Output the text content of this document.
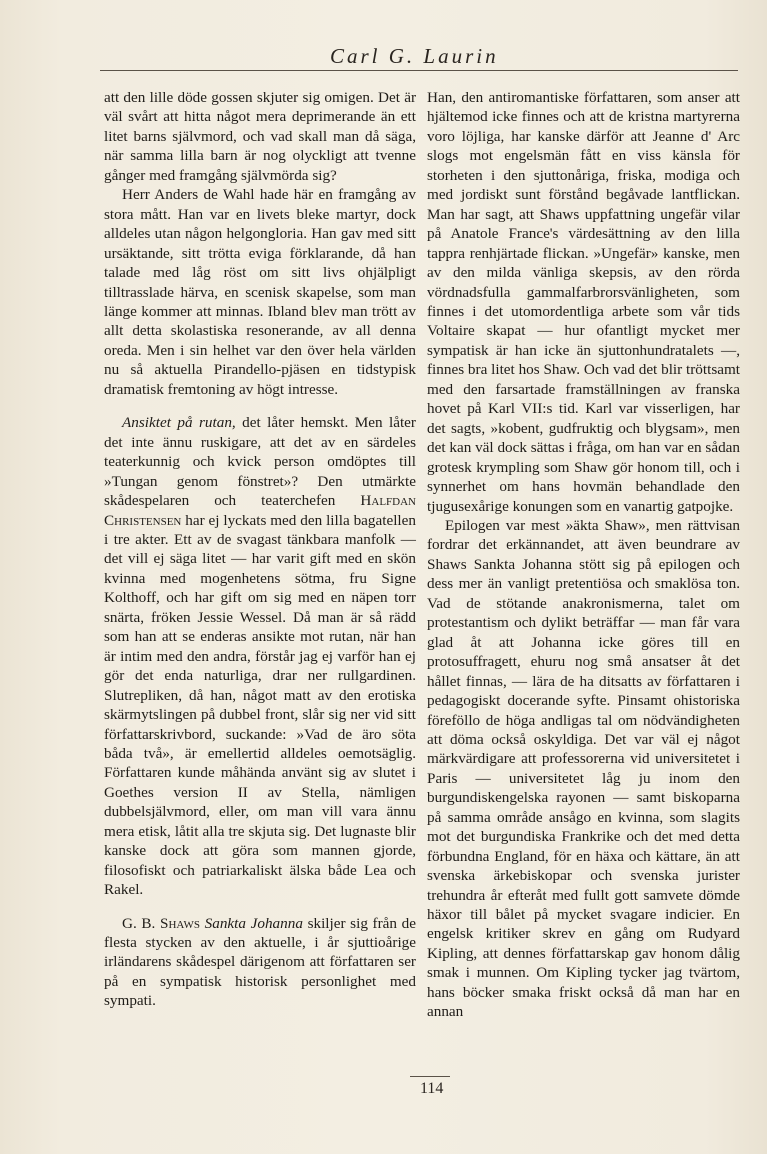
Carl G. Laurin

att den lille döde gossen skjuter sig omigen. Det är väl svårt att hitta något mera deprimerande än ett litet barns självmord, och vad skall man då säga, när samma lilla barn är nog olyckligt att tvenne gånger med framgång självmörda sig?

Herr Anders de Wahl hade här en framgång av stora mått. Han var en livets bleke martyr, dock alldeles utan någon helgongloria. Han gav med sitt ursäktande, sitt trötta eviga förklarande, då han talade med låg röst om sitt livs ohjälpligt tilltrasslade härva, en scenisk skapelse, som man länge kommer att minnas. Ibland blev man trött av allt detta skolastiska resonerande, av all denna oreda. Men i sin helhet var den över hela världen nu så aktuella Pirandello-pjäsen en tidstypisk dramatisk fremtoning av högt intresse.

Ansiktet på rutan, det låter hemskt. Men låter det inte ännu ruskigare, att det av en särdeles teaterkunnig och kvick person omdöptes till »Tungan genom fönstret»? Den utmärkte skådespelaren och teaterchefen Halfdan Christensen har ej lyckats med den lilla bagatellen i tre akter. Ett av de svagast tänkbara manfolk — det vill ej säga litet — har varit gift med en skön kvinna med mogenhetens sötma, fru Signe Kolthoff, och har gift om sig med en näpen torr snärta, fröken Jessie Wessel. Då man är så rädd som han att se enderas ansikte mot rutan, när han är intim med den andra, förstår jag ej varför han ej gör det enda naturliga, drar ner rullgardinen. Slutrepliken, då han, något matt av den erotiska skärmytslingen på dubbel front, slår sig ner vid sitt författarskrivbord, suckande: »Vad de äro söta båda två», är emellertid alldeles oemotsäglig. Författaren kunde måhända använt sig av slutet i Goethes version II av Stella, nämligen dubbelsjälvmord, eller, om man vill vara ännu mera etisk, låtit alla tre skjuta sig. Det lugnaste blir kanske dock att göra som mannen gjorde, filosofiskt och patriarkaliskt älska både Lea och Rakel.

G. B. Shaws Sankta Johanna skiljer sig från de flesta stycken av den aktuelle, i år sjuttioårige irländarens skådespel därigenom att författaren ser på en sympatisk historisk personlighet med sympati.

Han, den antiromantiske författaren, som anser att hjältemod icke finnes och att de kristna martyrerna voro löjliga, har kanske därför att Jeanne d' Arc slogs mot engelsmän fått en viss känsla för storheten i den sjuttonåriga, friska, modiga och med jordiskt sunt förstånd begåvade lantflickan. Man har sagt, att Shaws uppfattning ungefär vilar på Anatole France's värdesättning av den lilla tappra renhjärtade flickan. »Ungefär» kanske, men av den milda vänliga skepsis, av den rörda vördnadsfulla gammalfarbrorsvänligheten, som finnes i det utomordentliga arbete som vår tids Voltaire skapat — hur ofantligt mycket mer sympatisk är han icke än sjuttonhundratalets —, finnes bra litet hos Shaw. Och vad det blir tröttsamt med den farsartade framställningen av franska hovet på Karl VII:s tid. Karl var visserligen, har det sagts, »kobent, gudfruktig och blygsam», men det kan väl dock sättas i fråga, om han var en sådan grotesk krympling som Shaw gör honom till, och i synnerhet om hans hovmän behandlade den tjugusexårige konungen som en vanartig gatpojke.

Epilogen var mest »äkta Shaw», men rättvisan fordrar det erkännandet, att även beundrare av Shaws Sankta Johanna stött sig på epilogen och dess mer än vanligt pretentiösa och smaklösa ton. Vad de stötande anakronismerna, talet om protestantism och dylikt beträffar — man får vara glad åt att Johanna icke göres till en protosuffragett, ehuru nog små ansatser åt det hållet finnas, — lära de ha ditsatts av författaren i pedagogiskt docerande syfte. Pinsamt ohistoriska föreföllo de höga andligas tal om nödvändigheten att döma också oskyldiga. Det var väl ej något märkvärdigare att professorerna vid universitetet i Paris — universitetet låg ju inom den burgundiskengelska rayonen — samt biskoparna på samma område ansågo en kvinna, som slagits mot det burgundiska Frankrike och det med detta förbundna England, för en häxa och kättare, än att svenska ärkebiskopar och svenska jurister trehundra år efteråt med fullt gott samvete dömde häxor till bålet på mycket svagare indicier. En engelsk kritiker skrev en gång om Rudyard Kipling, att dennes författarskap gav honom dålig smak i munnen. Om Kipling tycker jag tvärtom, hans böcker smaka friskt också då man har en annan

114
